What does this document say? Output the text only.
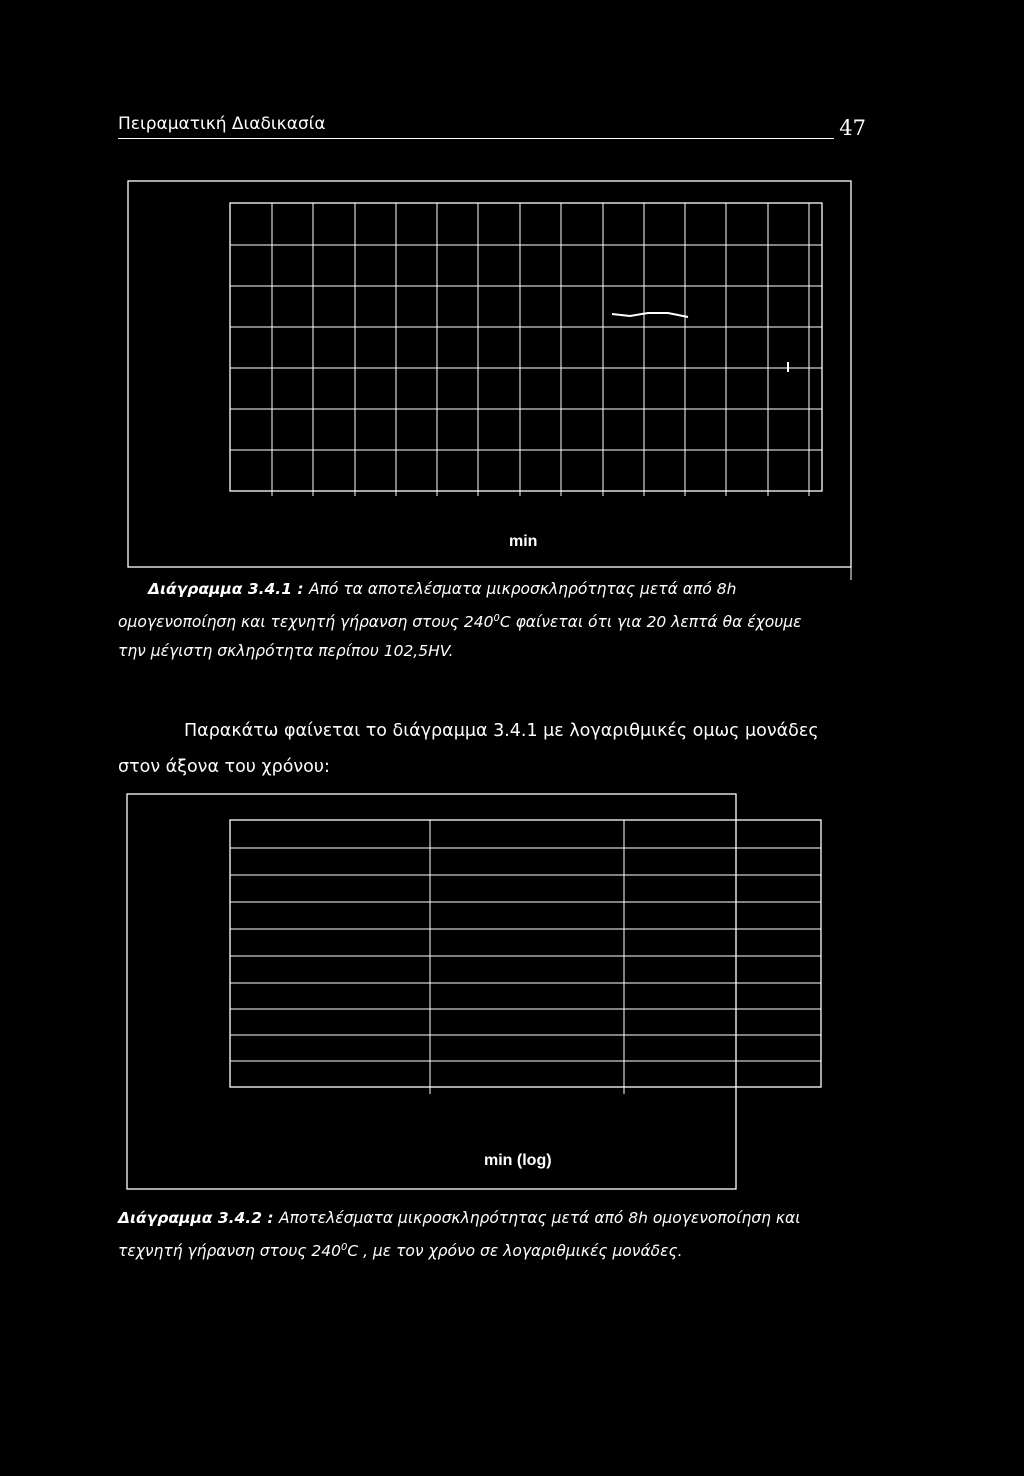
Πειραματική Διαδικασία	47
min
Διάγραμμα 3.4.1 : Από τα αποτελέσματα μικροσκληρότητας μετά από 8h
ομογενοποίηση και τεχνητή γήρανση στους $240^0C$ φαίνεται ότι για 20 λεπτά θα έχουμε
την μέγιστη σκληρότητα περίπου 102,5HV.
Παρακάτω φαίνεται το διάγραμμα 3.4.1 με λογαριθμικές ομως μονάδες
στον άξονα του χρόνου:
min (log)
Διάγραμμα 3.4.2 : Αποτελέσματα μικροσκληρότητας μετά από 8h ομογενοποίηση και
τεχνητή γήρανση στους $240^0C$ , με τον χρόνο σε λογαριθμικές μονάδες.
